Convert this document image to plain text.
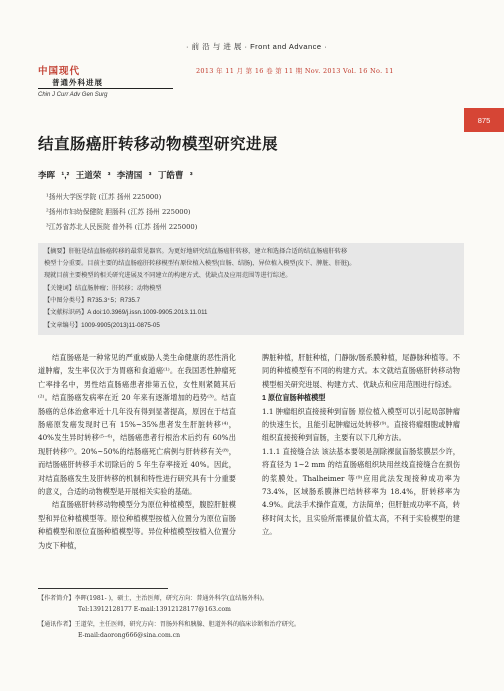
· 前 沿 与 进 展 · Front and Advance ·
中国现代
普通外科进展
Chin J Curr Adv Gen Surg
2013 年 11 月 第 16 卷 第 11 期 Nov. 2013 Vol. 16 No. 11
875
结直肠癌肝转移动物模型研究进展
李晖 ¹,² 王道荣 ³ 李清国 ³ 丁皓曹 ³
¹扬州大学医学院 (江苏 扬州 225000)
²扬州市妇幼保健院 胆肠科 (江苏 扬州 225000)
³江苏省苏北人民医院 普外科 (江苏 扬州 225000)
【摘要】肝脏是结直肠癌转移的最常见器官。为更好地研究结直肠癌肝转移，建立和选择合适的结直肠癌肝转移
模型十分重要。目前主要的结直肠癌肝转移模型有原位植入模型(盲肠、结肠)、异位植入模型(皮下、脾脏、肝脏)。
现就目前主要模型的相关研究进展及不同建立的构建方式、优缺点及应用范围等进行综述。
【关键词】结直肠肿瘤；肝转移；动物模型
【中图分类号】R735.3⁺5；R735.7
【文献标识码】A doi:10.3969/j.issn.1009-9905.2013.11.011
【文章编号】1009-9905(2013)11-0875-05

结直肠癌是一种常见的严重威胁人类生命健康的恶性消化道肿瘤，发生率仅次于为胃癌和食道癌⁽¹⁾。在我国恶性肿瘤死亡率排名中，男性结直肠癌患者排第五位，女性则紧随其后⁽²⁾。结直肠癌发病率在近 20 年来有逐渐增加的趋势⁽³⁾。结直肠癌的总体治愈率近十几年没有得到显著提高，原因在于结直肠癌原发癌发现时已有 15%~35%患者发生肝脏转移⁽⁴⁾，40%发生异时转移⁽⁵⁻⁶⁾，结肠癌患者行根治术后约有 60%出现肝转移⁽⁷⁾。20%~50%的结肠癌死亡病例与肝转移有关⁽⁸⁾，而结肠癌肝转移手术切除后的 5 年生存率接近 40%。因此，对结直肠癌发生及肝转移的机制和特性进行研究具有十分重要的意义，合适的动物模型是开展相关实验的基础。

结直肠癌肝转移动物模型分为原位种植模型，腹腔肝脏模型和异位种植模型等。原位种植模型按植入位置分为原位盲肠种植模型和原位直肠种植模型等。异位种植模型按植入位置分为皮下种植，

脾脏种植，肝脏种植，门静脉/肠系膜种植，尾静脉种植等。不同的种植模型有不同的构建方式。本文就结直肠癌肝转移动物模型相关研究进展、构建方式、优缺点和应用范围进行综述。

1 原位盲肠种植模型

1.1 肿瘤组织直接接种到盲肠 原位植入模型可以引起局部肿瘤的快速生长，且能引起肿瘤远处转移⁽⁹⁾。直接将瘤细胞或肿瘤组织直接接种到盲肠，主要有以下几种方法。

1.1.1 直接缝合法 该法基本要领是剖除裸鼠盲肠浆膜层少许，将直径为 1~2 mm 的结直肠癌组织块用丝线直接缝合在损伤的浆膜处。Thalheimer 等⁽⁹⁾应用此法发现接种成功率为 73.4%，区域肠系膜淋巴结转移率为 18.4%，肝转移率为 4.9%。此法手术操作直观，方法简单；但肝脏成功率不高，转移时间太长，且实验所需裸鼠价值太高，不利于实验模型的建立。

【作者简介】李晖(1981- )，硕士，主治医师，研究方向：普通外科学(直结肠外科)。
Tel:13912128177 E-mail:13912128177@163.com
【通讯作者】王道荣，主任医师，研究方向：胃肠外科和胰腺、胆道外科的临床诊断和治疗研究。
E-mail:daorong666@sina.com.cn
